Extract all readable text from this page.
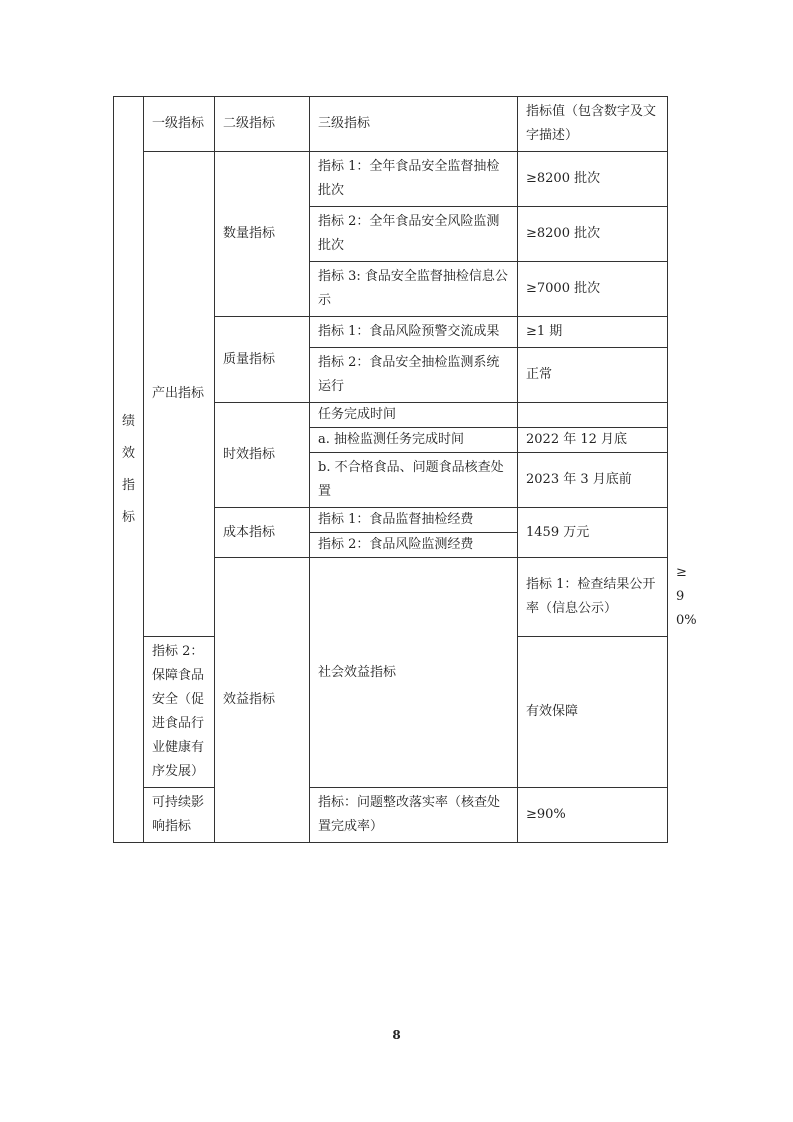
绩效指标	一级指标	二级指标	三级指标	指标值（包含数字及文字描述）	
	产出指标	数量指标	指标 1：全年食品安全监督抽检批次	≥8200 批次	
			指标 2：全年食品安全风险监测批次	≥8200 批次	
			指标 3: 食品安全监督抽检信息公示	≥7000 批次	
		质量指标	指标 1：食品风险预警交流成果	≥1 期	
			指标 2：食品安全抽检监测系统运行	正常	
		时效指标	任务完成时间		
			a. 抽检监测任务完成时间	2022 年 12 月底	
			b. 不合格食品、问题食品核查处置	2023 年 3 月底前	
		成本指标	指标 1：食品监督抽检经费	1459 万元	
			指标 2：食品风险监测经费		
		效益指标	社会效益指标	指标 1：检查结果公开率（信息公示）	≥90%
	指标 2：保障食品安全（促进食品行业健康有序发展）			有效保障	
	可持续影响指标		指标：问题整改落实率（核查处置完成率）	≥90%	
8
